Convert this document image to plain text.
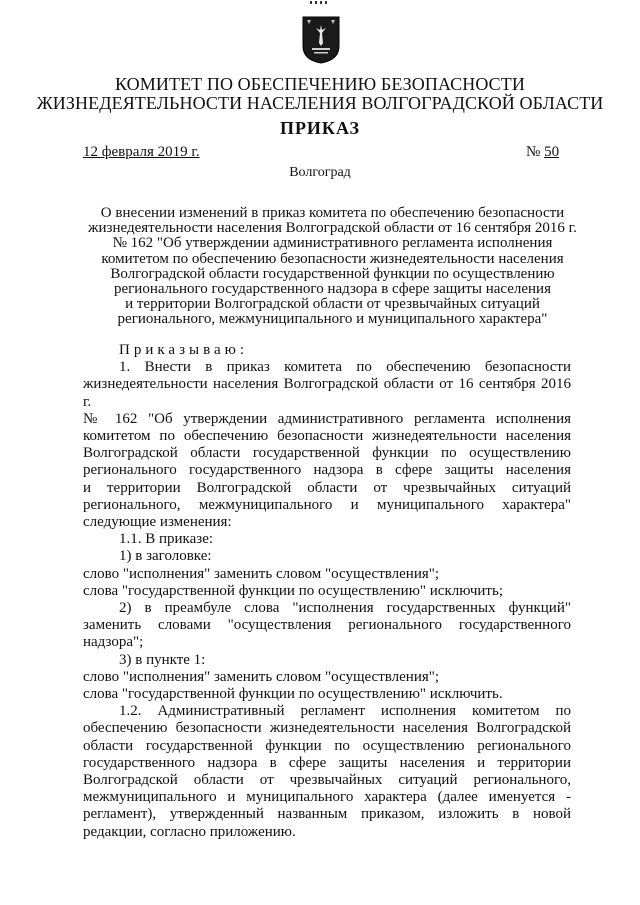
КОМИТЕТ ПО ОБЕСПЕЧЕНИЮ БЕЗОПАСНОСТИ
ЖИЗНЕДЕЯТЕЛЬНОСТИ НАСЕЛЕНИЯ ВОЛГОГРАДСКОЙ ОБЛАСТИ
ПРИКАЗ
12 февраля 2019 г.	№ 50
Волгоград
О внесении изменений в приказ комитета по обеспечению безопасности
жизнедеятельности населения Волгоградской области от 16 сентября 2016 г.
№ 162 "Об утверждении административного регламента исполнения
комитетом по обеспечению безопасности жизнедеятельности населения
Волгоградской области государственной функции по осуществлению
регионального государственного надзора в сфере защиты населения
и территории Волгоградской области от чрезвычайных ситуаций
регионального, межмуниципального и муниципального характера"
Приказываю:
1. Внести в приказ комитета по обеспечению безопасности
жизнедеятельности населения Волгоградской области от 16 сентября 2016 г.
№ 162 "Об утверждении административного регламента исполнения
комитетом по обеспечению безопасности жизнедеятельности населения
Волгоградской области государственной функции по осуществлению
регионального государственного надзора в сфере защиты населения
и территории Волгоградской области от чрезвычайных ситуаций
регионального, межмуниципального и муниципального характера"
следующие изменения:
1.1. В приказе:
1) в заголовке:
слово "исполнения" заменить словом "осуществления";
слова "государственной функции по осуществлению" исключить;
2) в преамбуле слова "исполнения государственных функций"
заменить словами "осуществления регионального государственного
надзора";
3) в пункте 1:
слово "исполнения" заменить словом "осуществления";
слова "государственной функции по осуществлению" исключить.
1.2. Административный регламент исполнения комитетом по
обеспечению безопасности жизнедеятельности населения Волгоградской
области государственной функции по осуществлению регионального
государственного надзора в сфере защиты населения и территории
Волгоградской области от чрезвычайных ситуаций регионального,
межмуниципального и муниципального характера (далее именуется -
регламент), утвержденный названным приказом, изложить в новой
редакции, согласно приложению.
